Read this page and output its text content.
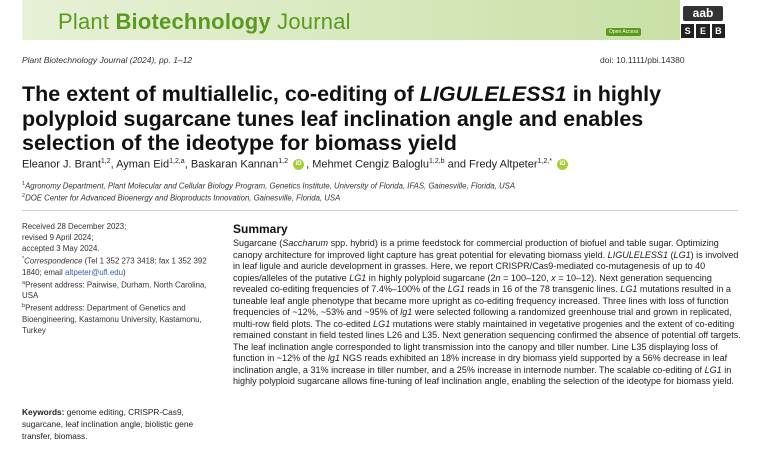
Plant Biotechnology Journal	Open Access
aab
S	E	B
Plant Biotechnology Journal (2024), pp. 1–12	doi: 10.1111/pbi.14380
The extent of multiallelic, co-editing of LIGULELESS1 in highly polyploid sugarcane tunes leaf inclination angle and enables selection of the ideotype for biomass yield
Eleanor J. Brant$^{1,2}$, Ayman Eid$^{1,2,a}$, Baskaran Kannan$^{1,2}$ iD , Mehmet Cengiz Baloglu$^{1,2,b}$ and Fredy Altpeter$^{1,2,*}$ iD
$^1$Agronomy Department, Plant Molecular and Cellular Biology Program, Genetics Institute, University of Florida, IFAS, Gainesville, Florida, USA
$^2$DOE Center for Advanced Bioenergy and Bioproducts Innovation, Gainesville, Florida, USA
Received 28 December 2023;
revised 9 April 2024;
accepted 3 May 2024.
*Correspondence (Tel 1 352 273 3418; fax 1 352 392 1840; email altpeter@ufl.edu)
$^a$Present address: Pairwise, Durham, North Carolina, USA
$^b$Present address: Department of Genetics and Bioengineering, Kastamonu University, Kastamonu, Turkey
Keywords: genome editing, CRISPR-Cas9, sugarcane, leaf inclination angle, biolistic gene transfer, biomass.
Summary

Sugarcane (Saccharum spp. hybrid) is a prime feedstock for commercial production of biofuel and table sugar. Optimizing canopy architecture for improved light capture has great potential for elevating biomass yield. LIGULELESS1 (LG1) is involved in leaf ligule and auricle development in grasses. Here, we report CRISPR/Cas9-mediated co-mutagenesis of up to 40 copies/alleles of the putative LG1 in highly polyploid sugarcane (2n = 100–120, x = 10–12). Next generation sequencing revealed co-editing frequencies of 7.4%–100% of the LG1 reads in 16 of the 78 transgenic lines. LG1 mutations resulted in a tuneable leaf angle phenotype that became more upright as co-editing frequency increased. Three lines with loss of function frequencies of ~12%, ~53% and ~95% of lg1 were selected following a randomized greenhouse trial and grown in replicated, multi-row field plots. The co-edited LG1 mutations were stably maintained in vegetative progenies and the extent of co-editing remained constant in field tested lines L26 and L35. Next generation sequencing confirmed the absence of potential off targets. The leaf inclination angle corresponded to light transmission into the canopy and tiller number. Line L35 displaying loss of function in ~12% of the lg1 NGS reads exhibited an 18% increase in dry biomass yield supported by a 56% decrease in leaf inclination angle, a 31% increase in tiller number, and a 25% increase in internode number. The scalable co-editing of LG1 in highly polyploid sugarcane allows fine-tuning of leaf inclination angle, enabling the selection of the ideotype for biomass yield.
